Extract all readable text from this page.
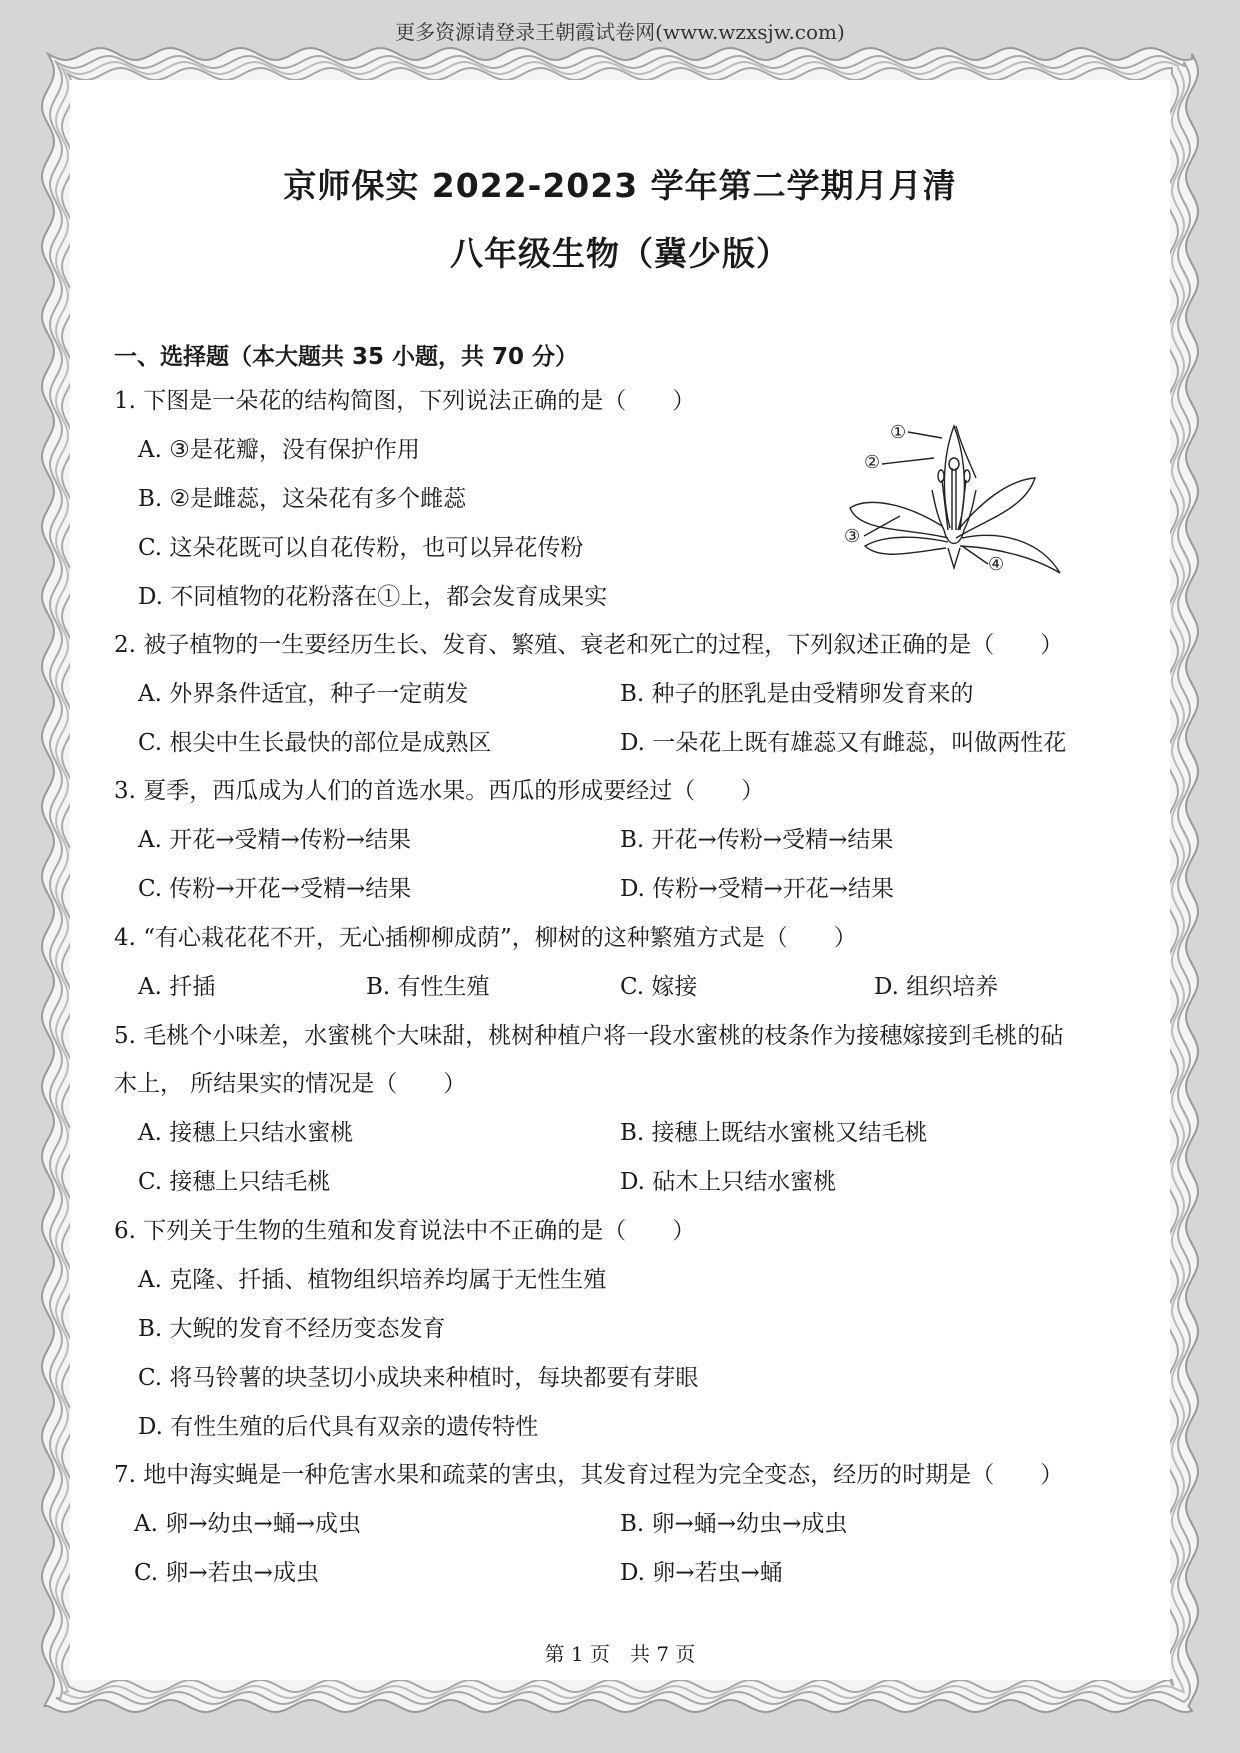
更多资源请登录王朝霞试卷网(www.wzxsjw.com)
京师保实 2022-2023 学年第二学期月月清
八年级生物（冀少版）
一、选择题（本大题共 35 小题，共 70 分）
1. 下图是一朵花的结构简图，下列说法正确的是（　　）
A. ③是花瓣，没有保护作用
B. ②是雌蕊，这朵花有多个雌蕊
C. 这朵花既可以自花传粉，也可以异花传粉
D. 不同植物的花粉落在①上，都会发育成果实
①
②
③
④
2. 被子植物的一生要经历生长、发育、繁殖、衰老和死亡的过程，下列叙述正确的是（　　）
A. 外界条件适宜，种子一定萌发	B. 种子的胚乳是由受精卵发育来的
C. 根尖中生长最快的部位是成熟区	D. 一朵花上既有雄蕊又有雌蕊，叫做两性花
3. 夏季，西瓜成为人们的首选水果。西瓜的形成要经过（　　）
A. 开花→受精→传粉→结果	B. 开花→传粉→受精→结果
C. 传粉→开花→受精→结果	D. 传粉→受精→开花→结果
4. “有心栽花花不开，无心插柳柳成荫”，柳树的这种繁殖方式是（　　）
A. 扦插	B. 有性生殖	C. 嫁接	D. 组织培养
5. 毛桃个小味差，水蜜桃个大味甜，桃树种植户将一段水蜜桃的枝条作为接穗嫁接到毛桃的砧
木上， 所结果实的情况是（　　）
A. 接穗上只结水蜜桃	B. 接穗上既结水蜜桃又结毛桃
C. 接穗上只结毛桃	D. 砧木上只结水蜜桃
6. 下列关于生物的生殖和发育说法中不正确的是（　　）
A. 克隆、扦插、植物组织培养均属于无性生殖
B. 大鲵的发育不经历变态发育
C. 将马铃薯的块茎切小成块来种植时，每块都要有芽眼
D. 有性生殖的后代具有双亲的遗传特性
7. 地中海实蝇是一种危害水果和疏菜的害虫，其发育过程为完全变态，经历的时期是（　　）
A. 卵→幼虫→蛹→成虫	B. 卵→蛹→幼虫→成虫
C. 卵→若虫→成虫	D. 卵→若虫→蛹
第 1 页　共 7 页
